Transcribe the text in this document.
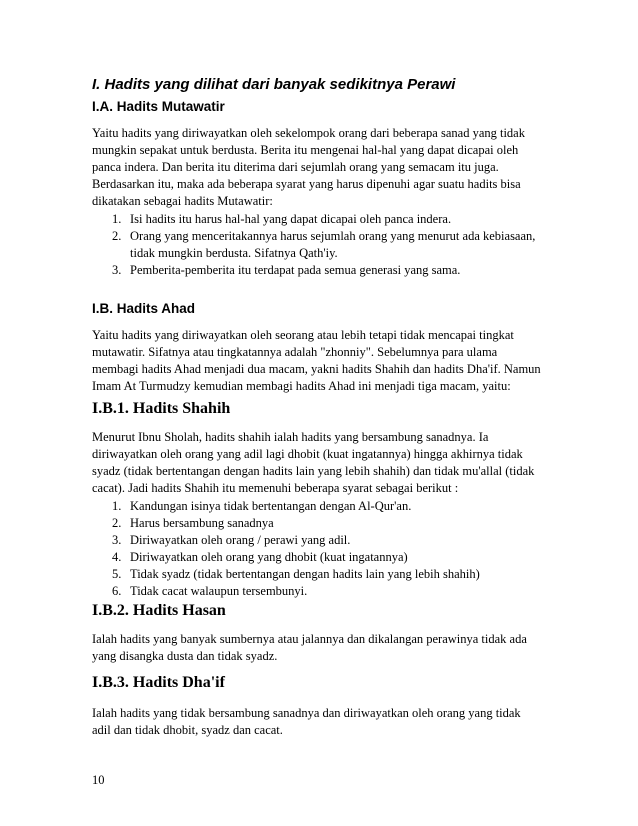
I. Hadits yang dilihat dari banyak sedikitnya Perawi
I.A. Hadits Mutawatir
Yaitu hadits yang diriwayatkan oleh sekelompok orang dari beberapa sanad yang tidak
mungkin sepakat untuk berdusta. Berita itu mengenai hal-hal yang dapat dicapai oleh
panca indera. Dan berita itu diterima dari sejumlah orang yang semacam itu juga.
Berdasarkan itu, maka ada beberapa syarat yang harus dipenuhi agar suatu hadits bisa
dikatakan sebagai hadits Mutawatir:
1. Isi hadits itu harus hal-hal yang dapat dicapai oleh panca indera.
2. Orang yang menceritakannya harus sejumlah orang yang menurut ada kebiasaan,
tidak mungkin berdusta. Sifatnya Qath'iy.
3. Pemberita-pemberita itu terdapat pada semua generasi yang sama.
I.B. Hadits Ahad
Yaitu hadits yang diriwayatkan oleh seorang atau lebih tetapi tidak mencapai tingkat
mutawatir. Sifatnya atau tingkatannya adalah "zhonniy". Sebelumnya para ulama
membagi hadits Ahad menjadi dua macam, yakni hadits Shahih dan hadits Dha'if. Namun
Imam At Turmudzy kemudian membagi hadits Ahad ini menjadi tiga macam, yaitu:
I.B.1. Hadits Shahih
Menurut Ibnu Sholah, hadits shahih ialah hadits yang bersambung sanadnya. Ia
diriwayatkan oleh orang yang adil lagi dhobit (kuat ingatannya) hingga akhirnya tidak
syadz (tidak bertentangan dengan hadits lain yang lebih shahih) dan tidak mu'allal (tidak
cacat). Jadi hadits Shahih itu memenuhi beberapa syarat sebagai berikut :
1. Kandungan isinya tidak bertentangan dengan Al-Qur'an.
2. Harus bersambung sanadnya
3. Diriwayatkan oleh orang / perawi yang adil.
4. Diriwayatkan oleh orang yang dhobit (kuat ingatannya)
5. Tidak syadz (tidak bertentangan dengan hadits lain yang lebih shahih)
6. Tidak cacat walaupun tersembunyi.
I.B.2. Hadits Hasan
Ialah hadits yang banyak sumbernya atau jalannya dan dikalangan perawinya tidak ada
yang disangka dusta dan tidak syadz.
I.B.3. Hadits Dha'if
Ialah hadits yang tidak bersambung sanadnya dan diriwayatkan oleh orang yang tidak
adil dan tidak dhobit, syadz dan cacat.
10
